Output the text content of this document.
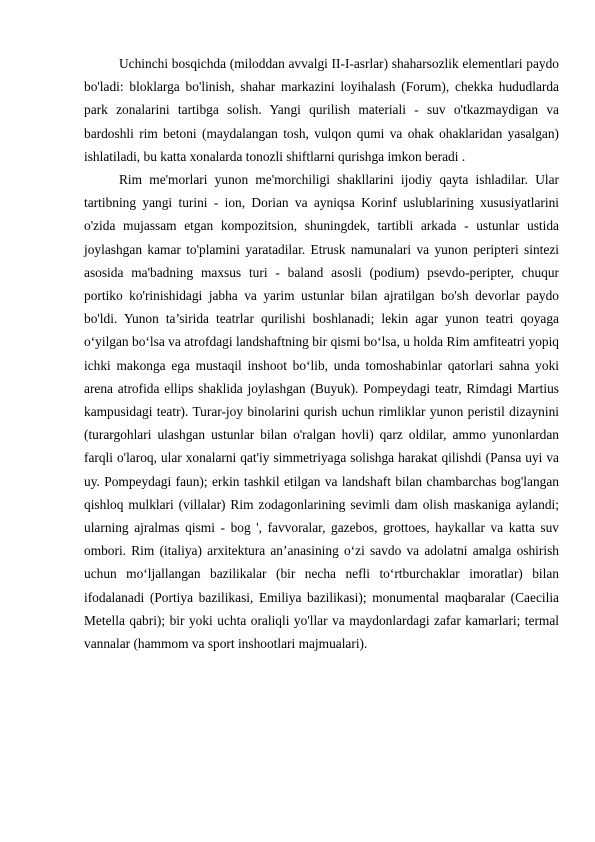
Uchinchi bosqichda (miloddan avvalgi II-I-asrlar) shaharsozlik elementlari paydo bo'ladi: bloklarga bo'linish, shahar markazini loyihalash (Forum), chekka hududlarda park zonalarini tartibga solish. Yangi qurilish materiali - suv o'tkazmaydigan va bardoshli rim betoni (maydalangan tosh, vulqon qumi va ohak ohaklaridan yasalgan) ishlatiladi, bu katta xonalarda tonozli shiftlarni qurishga imkon beradi .

Rim me'morlari yunon me'morchiligi shakllarini ijodiy qayta ishladilar. Ular tartibning yangi turini - ion, Dorian va ayniqsa Korinf uslublarining xususiyatlarini o'zida mujassam etgan kompozitsion, shuningdek, tartibli arkada - ustunlar ustida joylashgan kamar to'plamini yaratadilar. Etrusk namunalari va yunon peripteri sintezi asosida ma'badning maxsus turi - baland asosli (podium) psevdo-peripter, chuqur portiko ko'rinishidagi jabha va yarim ustunlar bilan ajratilgan bo'sh devorlar paydo bo'ldi. Yunon ta’sirida teatrlar qurilishi boshlanadi; lekin agar yunon teatri qoyaga o‘yilgan bo‘lsa va atrofdagi landshaftning bir qismi bo‘lsa, u holda Rim amfiteatri yopiq ichki makonga ega mustaqil inshoot bo‘lib, unda tomoshabinlar qatorlari sahna yoki arena atrofida ellips shaklida joylashgan (Buyuk). Pompeydagi teatr, Rimdagi Martius kampusidagi teatr). Turar-joy binolarini qurish uchun rimliklar yunon peristil dizaynini (turargohlari ulashgan ustunlar bilan o'ralgan hovli) qarz oldilar, ammo yunonlardan farqli o'laroq, ular xonalarni qat'iy simmetriyaga solishga harakat qilishdi (Pansa uyi va uy. Pompeydagi faun); erkin tashkil etilgan va landshaft bilan chambarchas bog'langan qishloq mulklari (villalar) Rim zodagonlarining sevimli dam olish maskaniga aylandi; ularning ajralmas qismi - bog ', favvoralar, gazebos, grottoes, haykallar va katta suv ombori. Rim (italiya) arxitektura an’anasining o‘zi savdo va adolatni amalga oshirish uchun mo‘ljallangan bazilikalar (bir necha nefli to‘rtburchaklar imoratlar) bilan ifodalanadi (Portiya bazilikasi, Emiliya bazilikasi); monumental maqbaralar (Caecilia Metella qabri); bir yoki uchta oraliqli yo'llar va maydonlardagi zafar kamarlari; termal vannalar (hammom va sport inshootlari majmualari).
